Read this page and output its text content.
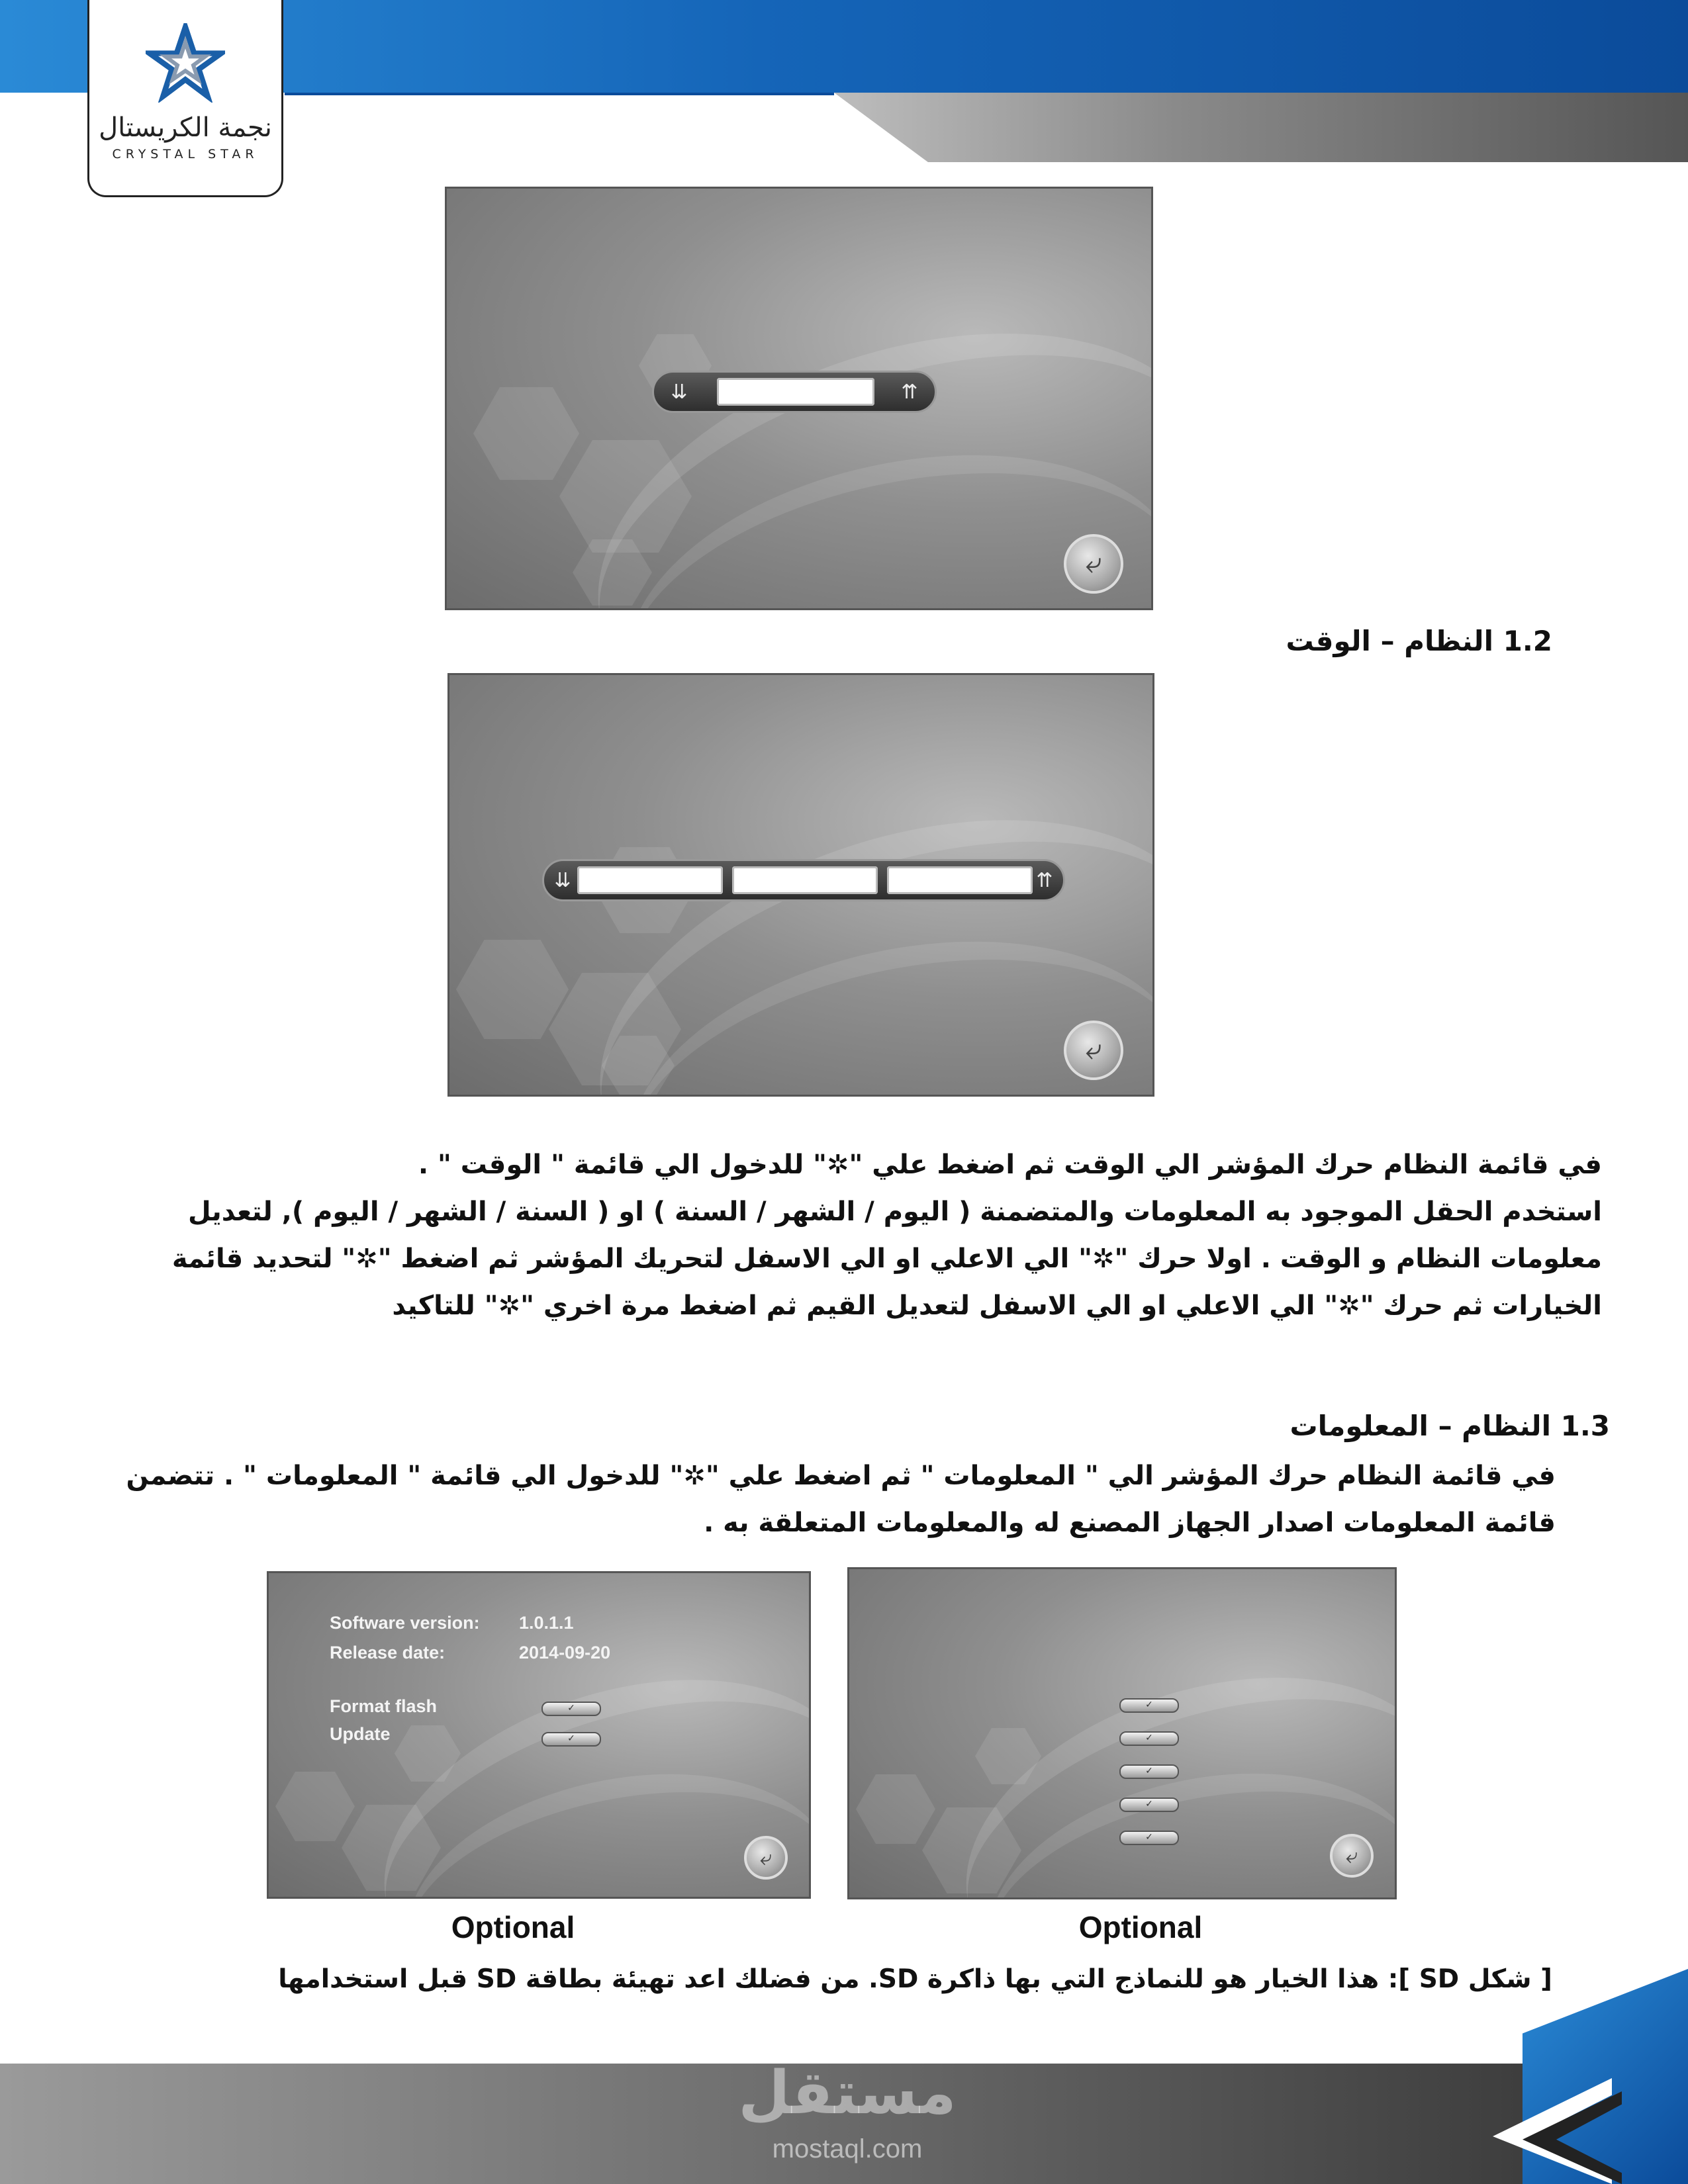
نجمة الكريستال
CRYSTAL STAR
⇊	⇈
⤶
1.2 النظام – الوقت
⇊	⇈
⤶
في قائمة النظام حرك المؤشر الي الوقت ثم اضغط علي "✲" للدخول الي قائمة " الوقت " .
استخدم الحقل الموجود به المعلومات والمتضمنة ( اليوم / الشهر / السنة ) او ( السنة / الشهر / اليوم ), لتعديل
معلومات النظام و الوقت . اولا حرك "✲" الي الاعلي او الي الاسفل لتحريك المؤشر ثم اضغط "✲" لتحديد قائمة
الخيارات ثم حرك "✲" الي الاعلي او الي الاسفل لتعديل القيم ثم اضغط مرة اخري "✲" للتاكيد
1.3 النظام – المعلومات
في قائمة النظام حرك المؤشر الي " المعلومات " ثم اضغط علي "✲" للدخول الي قائمة " المعلومات " . تتضمن
قائمة المعلومات اصدار الجهاز المصنع له والمعلومات المتعلقة به .
Software version: 1.0.1.1
Release date:	2014-09-20
Format flash	✓
Update	✓
⤶
✓
✓
✓
✓
✓
⤶
Optional	Optional
[ شكل SD ]: هذا الخيار هو للنماذج التي بها ذاكرة SD. من فضلك اعد تهيئة بطاقة SD قبل استخدامها
مستقل
mostaql.com
